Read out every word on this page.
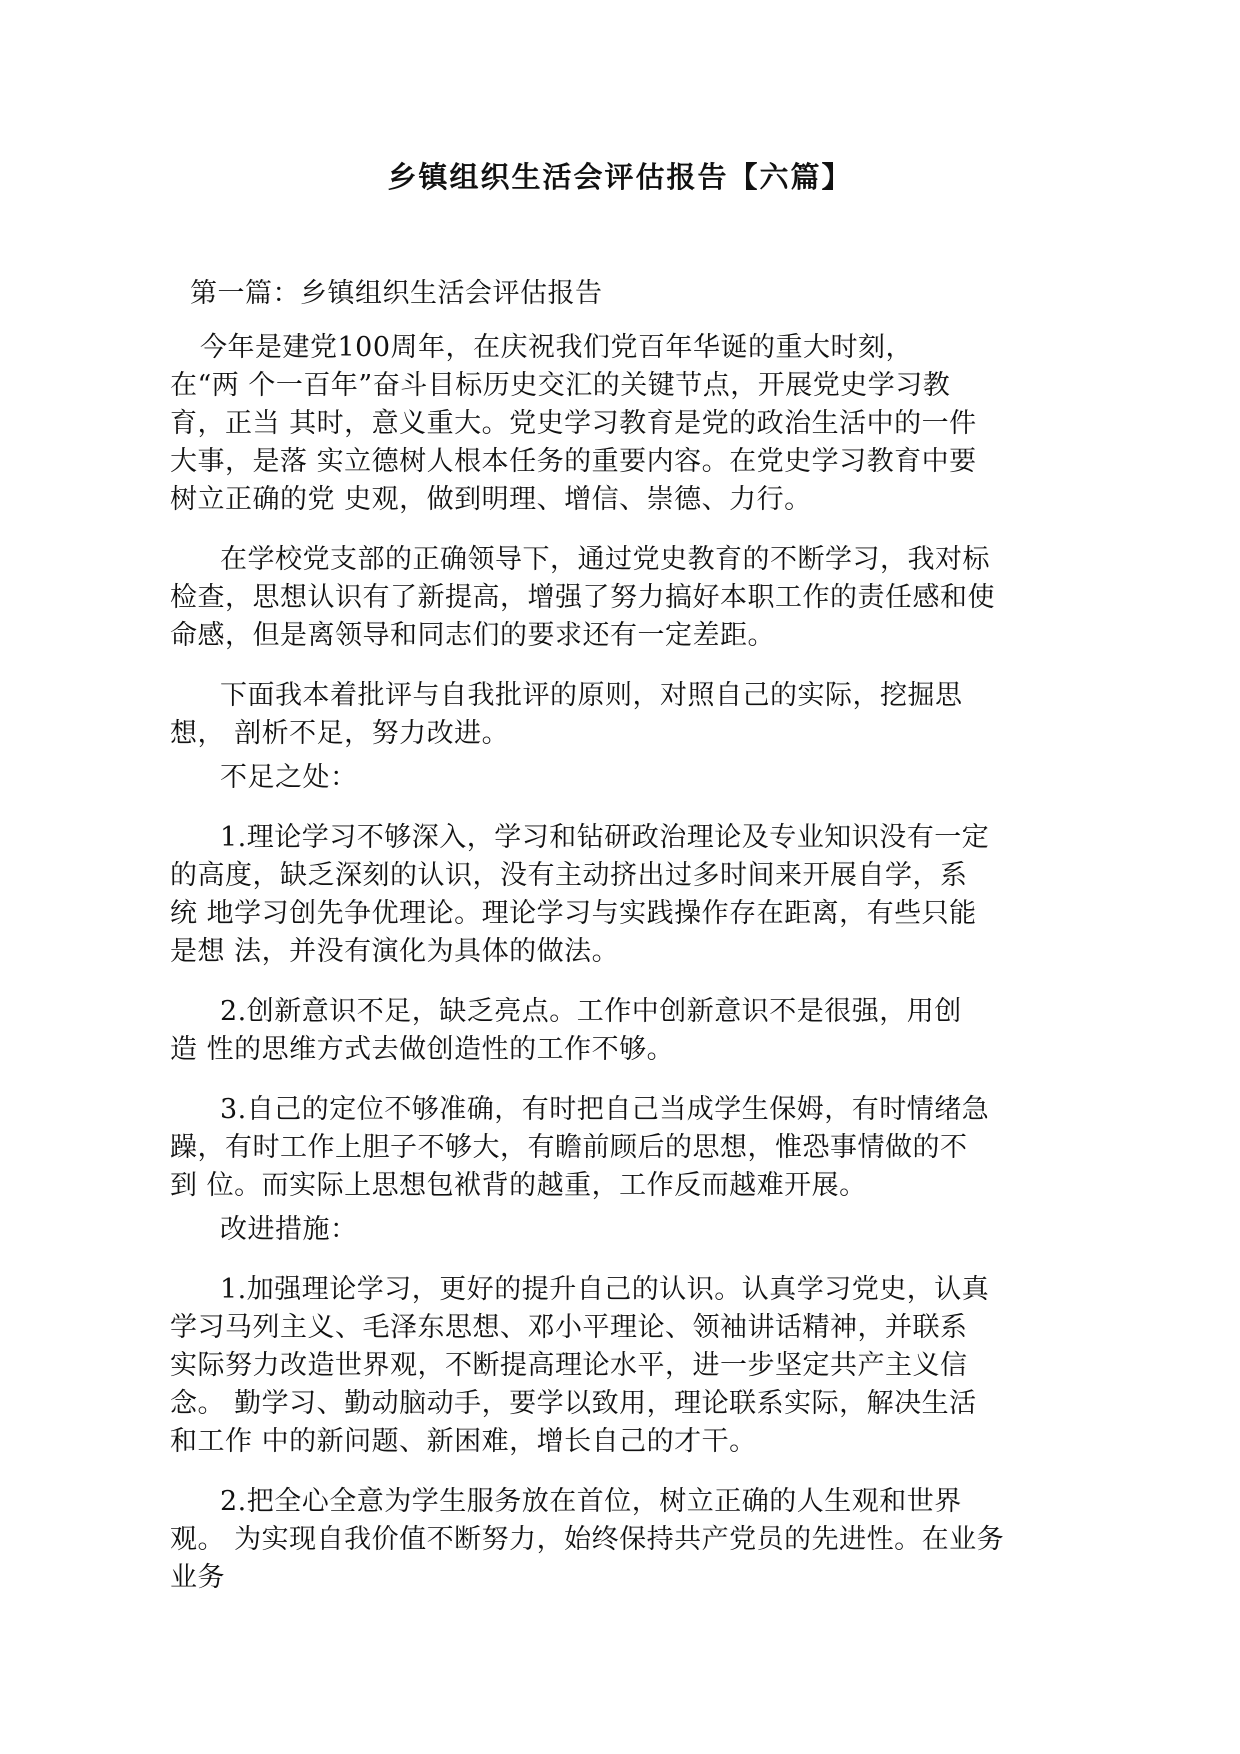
乡镇组织生活会评估报告【六篇】
第一篇：乡镇组织生活会评估报告
今年是建党100周年，在庆祝我们党百年华诞的重大时刻，
在“两 个一百年”奋斗目标历史交汇的关键节点，开展党史学习教
育，正当 其时，意义重大。党史学习教育是党的政治生活中的一件
大事，是落 实立德树人根本任务的重要内容。在党史学习教育中要
树立正确的党 史观，做到明理、增信、崇德、力行。
在学校党支部的正确领导下，通过党史教育的不断学习，我对标
检查，思想认识有了新提高，增强了努力搞好本职工作的责任感和使
命感，但是离领导和同志们的要求还有一定差距。
下面我本着批评与自我批评的原则，对照自己的实际，挖掘思
想， 剖析不足，努力改进。
不足之处：
1.理论学习不够深入，学习和钻研政治理论及专业知识没有一定
的高度，缺乏深刻的认识，没有主动挤出过多时间来开展自学，系
统 地学习创先争优理论。理论学习与实践操作存在距离，有些只能
是想 法，并没有演化为具体的做法。
2.创新意识不足，缺乏亮点。工作中创新意识不是很强，用创
造 性的思维方式去做创造性的工作不够。
3.自己的定位不够准确，有时把自己当成学生保姆，有时情绪急
躁，有时工作上胆子不够大，有瞻前顾后的思想，惟恐事情做的不
到 位。而实际上思想包袱背的越重，工作反而越难开展。
改进措施：
1.加强理论学习，更好的提升自己的认识。认真学习党史，认真
学习马列主义、毛泽东思想、邓小平理论、领袖讲话精神，并联系
实际努力改造世界观，不断提高理论水平，进一步坚定共产主义信
念。 勤学习、勤动脑动手，要学以致用，理论联系实际，解决生活
和工作 中的新问题、新困难，增长自己的才干。
2.把全心全意为学生服务放在首位，树立正确的人生观和世界
观。 为实现自我价值不断努力，始终保持共产党员的先进性。在业务
业务
